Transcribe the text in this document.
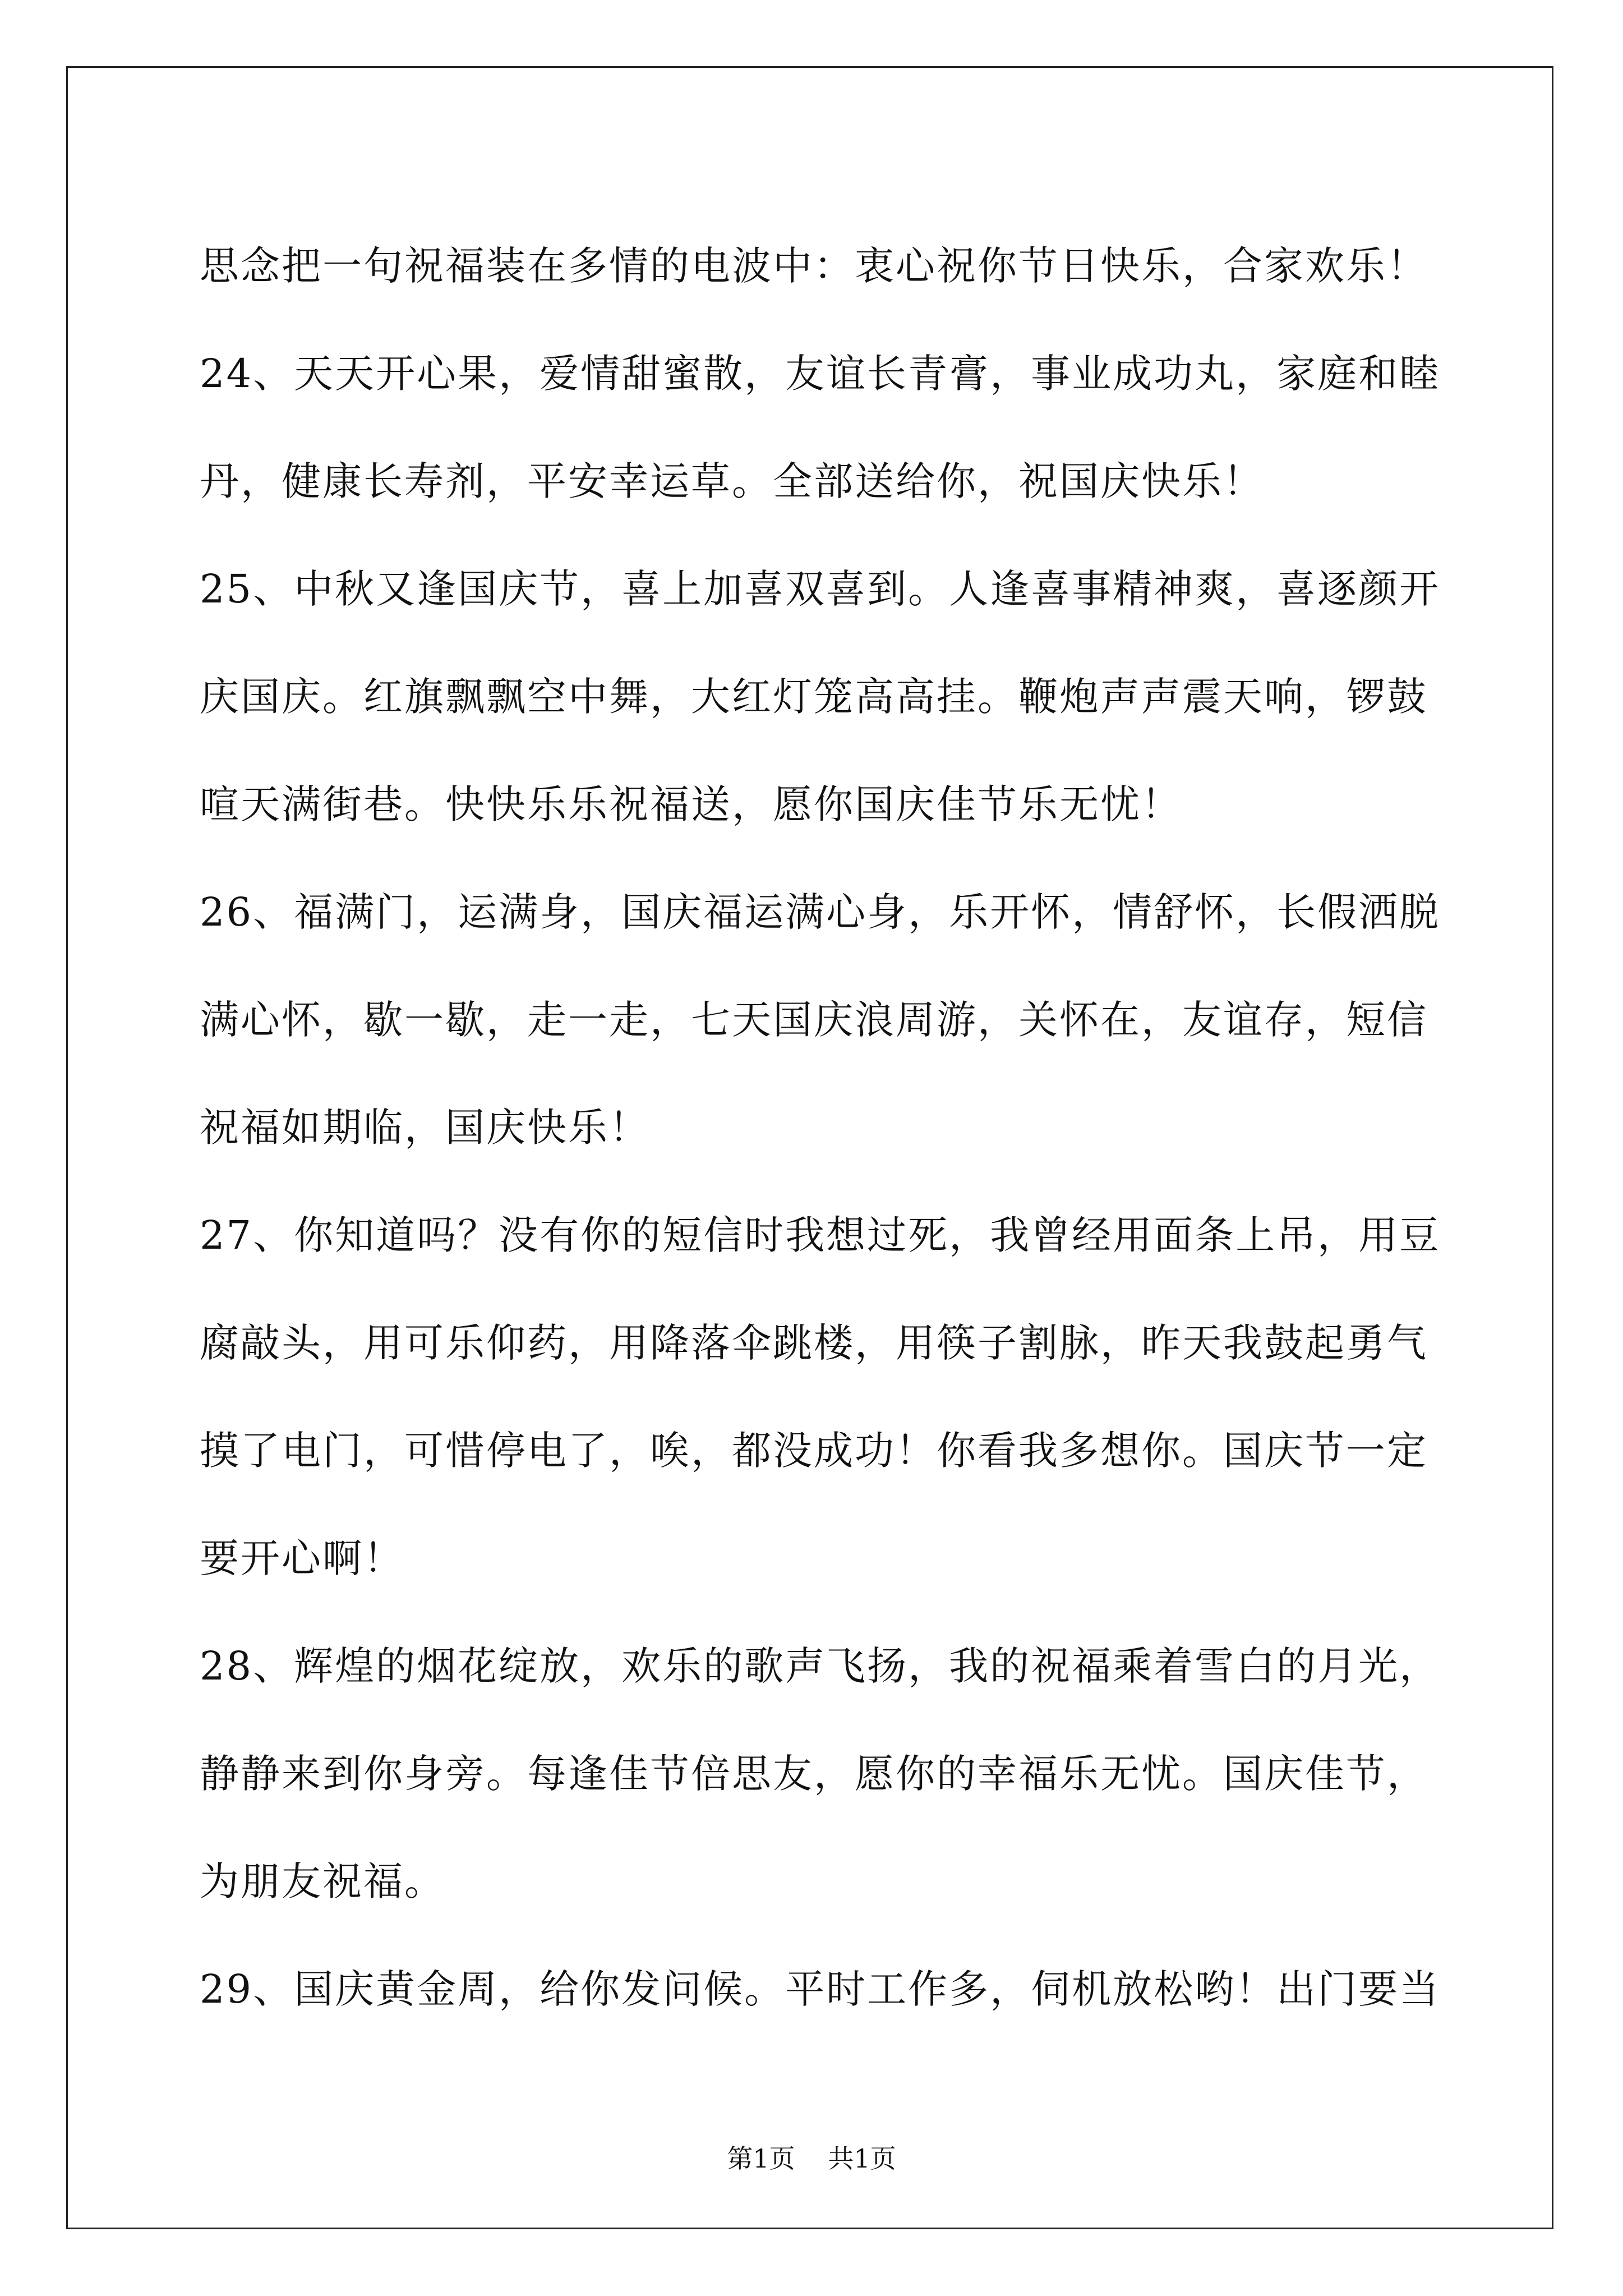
思念把一句祝福装在多情的电波中：衷心祝你节日快乐，合家欢乐！
24、天天开心果，爱情甜蜜散，友谊长青膏，事业成功丸，家庭和睦
丹，健康长寿剂，平安幸运草。全部送给你，祝国庆快乐！
25、中秋又逢国庆节，喜上加喜双喜到。人逢喜事精神爽，喜逐颜开
庆国庆。红旗飘飘空中舞，大红灯笼高高挂。鞭炮声声震天响，锣鼓
喧天满街巷。快快乐乐祝福送，愿你国庆佳节乐无忧！
26、福满门，运满身，国庆福运满心身，乐开怀，情舒怀，长假洒脱
满心怀，歇一歇，走一走，七天国庆浪周游，关怀在，友谊存，短信
祝福如期临，国庆快乐！
27、你知道吗？没有你的短信时我想过死，我曾经用面条上吊，用豆
腐敲头，用可乐仰药，用降落伞跳楼，用筷子割脉，昨天我鼓起勇气
摸了电门，可惜停电了，唉，都没成功！你看我多想你。国庆节一定
要开心啊！
28、辉煌的烟花绽放，欢乐的歌声飞扬，我的祝福乘着雪白的月光，
静静来到你身旁。每逢佳节倍思友，愿你的幸福乐无忧。国庆佳节，
为朋友祝福。
29、国庆黄金周，给你发问候。平时工作多，伺机放松哟！出门要当
第1页 共1页
